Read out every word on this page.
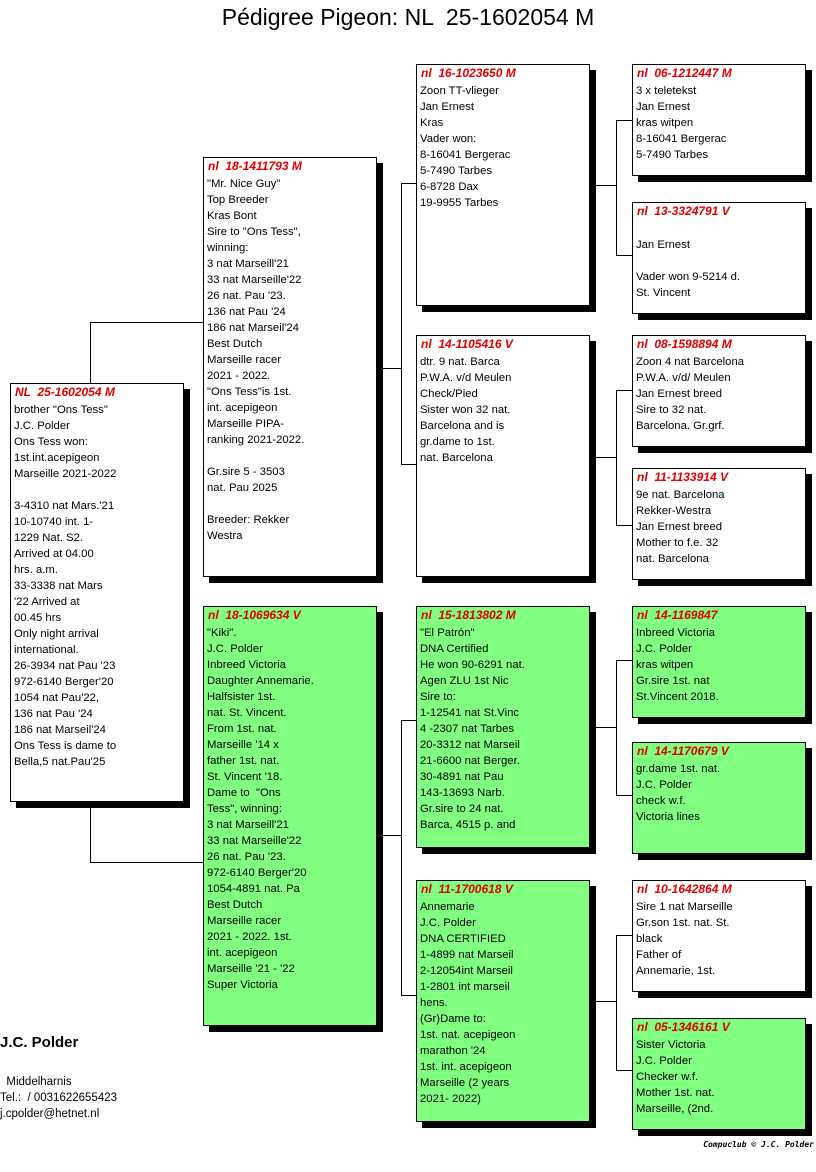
Pédigree Pigeon: NL  25-1602054 M
NL  25-1602054 M
brother "Ons Tess"
J.C. Polder
Ons Tess won:
1st.int.acepigeon
Marseille 2021-2022
3-4310 nat Mars.'21
10-10740 int. 1-
1229 Nat. S2.
Arrived at 04.00
hrs. a.m.
33-3338 nat Mars
'22 Arrived at
00.45 hrs
Only night arrival
international.
26-3934 nat Pau '23
972-6140 Berger'20
1054 nat Pau'22,
136 nat Pau '24
186 nat Marseil'24
Ons Tess is dame to
Bella,5 nat.Pau'25
nl  18-1411793 M
"Mr. Nice Guy"
Top Breeder
Kras Bont
Sire to "Ons Tess",
winning:
3 nat Marseill'21
33 nat Marseille'22
26 nat. Pau '23.
136 nat Pau '24
186 nat Marseil'24
Best Dutch
Marseille racer
2021 - 2022.
"Ons Tess"is 1st.
int. acepigeon
Marseille PIPA-
ranking 2021-2022.
Gr.sire 5 - 3503
nat. Pau 2025
Breeder: Rekker
Westra
nl  18-1069634 V
"Kiki".
J.C. Polder
Inbreed Victoria
Daughter Annemarie.
Halfsister 1st.
nat. St. Vincent.
From 1st. nat.
Marseille '14 x
father 1st. nat.
St. Vincent '18.
Dame to  "Ons
Tess", winning:
3 nat Marseill'21
33 nat Marseille'22
26 nat. Pau '23.
972-6140 Berger'20
1054-4891 nat. Pa
Best Dutch
Marseille racer
2021 - 2022. 1st.
int. acepigeon
Marseille '21 - '22
Super Victoria
nl  16-1023650 M
Zoon TT-vlieger
Jan Ernest
Kras
Vader won:
8-16041 Bergerac
5-7490 Tarbes
6-8728 Dax
19-9955 Tarbes
nl  14-1105416 V
dtr. 9 nat. Barca
P.W.A. v/d Meulen
Check/Pied
Sister won 32 nat.
Barcelona and is
gr.dame to 1st.
nat. Barcelona
nl  15-1813802 M
"El Patrón"
DNA Certified
He won 90-6291 nat.
Agen ZLU 1st Nic
Sire to:
1-12541 nat St.Vinc
4 -2307 nat Tarbes
20-3312 nat Marseil
21-6600 nat Berger.
30-4891 nat Pau
143-13693 Narb.
Gr.sire to 24 nat.
Barca, 4515 p. and
nl  11-1700618 V
Annemarie
J.C. Polder
DNA CERTIFIED
1-4899 nat Marseil
2-12054int Marseil
1-2801 int marseil
hens.
(Gr)Dame to:
1st. nat. acepigeon
marathon '24
1st. int. acepigeon
Marseille (2 years
2021- 2022)
nl  06-1212447 M
3 x teletekst
Jan Ernest
kras witpen
8-16041 Bergerac
5-7490 Tarbes
nl  13-3324791 V
Jan Ernest
Vader won 9-5214 d.
St. Vincent
nl  08-1598894 M
Zoon 4 nat Barcelona
P.W.A. v/d/ Meulen
Jan Ernest breed
Sire to 32 nat.
Barcelona. Gr.grf.
nl  11-1133914 V
9e nat. Barcelona
Rekker-Westra
Jan Ernest breed
Mother to f.e. 32
nat. Barcelona
nl  14-1169847
Inbreed Victoria
J.C. Polder
kras witpen
Gr.sire 1st. nat
St.Vincent 2018.
nl  14-1170679 V
gr.dame 1st. nat.
J.C. Polder
check w.f.
Victoria lines
nl  10-1642864 M
Sire 1 nat Marseille
Gr.son 1st. nat. St.
black
Father of
Annemarie, 1st.
nl  05-1346161 V
Sister Victoria
J.C. Polder
Checker w.f.
Mother 1st. nat.
Marseille, (2nd.
J.C. Polder
Middelharnis
Tel.:  / 0031622655423
j.cpolder@hetnet.nl
Compuclub © J.C. Polder
